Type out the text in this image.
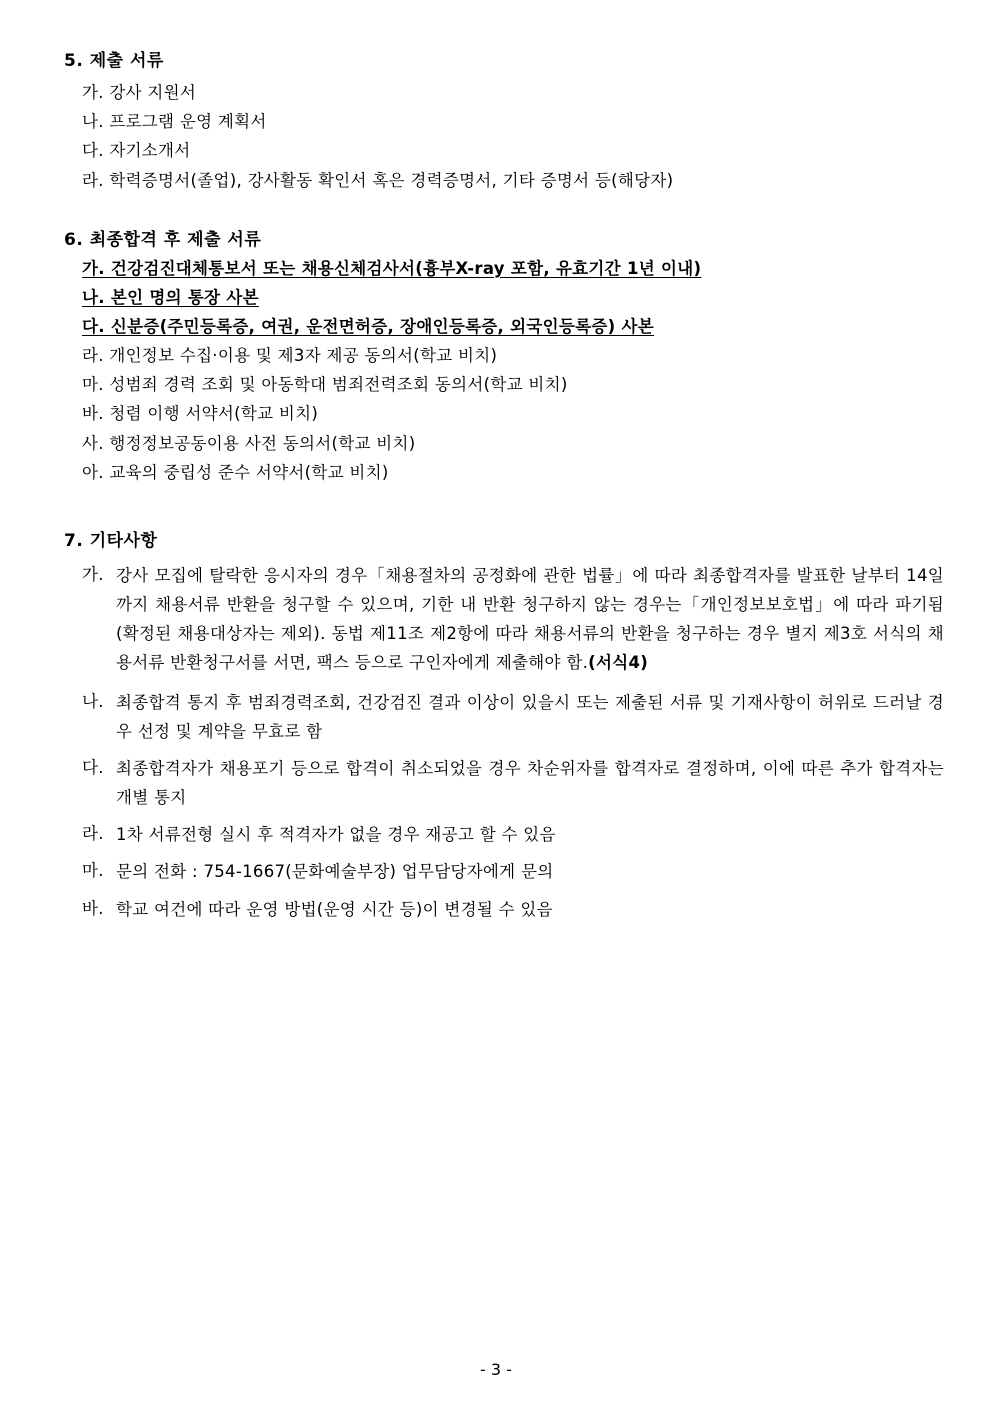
5. 제출 서류
가. 강사 지원서
나. 프로그램 운영 계획서
다. 자기소개서
라. 학력증명서(졸업), 강사활동 확인서 혹은 경력증명서, 기타 증명서 등(해당자)
6. 최종합격 후 제출 서류
가. 건강검진대체통보서 또는 채용신체검사서(흉부X-ray 포함, 유효기간 1년 이내)
나. 본인 명의 통장 사본
다. 신분증(주민등록증, 여권, 운전면허증, 장애인등록증, 외국인등록증) 사본
라. 개인정보 수집·이용 및 제3자 제공 동의서(학교 비치)
마. 성범죄 경력 조회 및 아동학대 범죄전력조회 동의서(학교 비치)
바. 청렴 이행 서약서(학교 비치)
사. 행정정보공동이용 사전 동의서(학교 비치)
아. 교육의 중립성 준수 서약서(학교 비치)
7. 기타사항
가. 강사 모집에 탈락한 응시자의 경우「채용절차의 공정화에 관한 법률」에 따라 최종합격자를 발표한 날부터 14일까지 채용서류 반환을 청구할 수 있으며, 기한 내 반환 청구하지 않는 경우는「개인정보보호법」에 따라 파기됨(확정된 채용대상자는 제외). 동법 제11조 제2항에 따라 채용서류의 반환을 청구하는 경우 별지 제3호 서식의 채용서류 반환청구서를 서면, 팩스 등으로 구인자에게 제출해야 함.(서식4)
나. 최종합격 통지 후 범죄경력조회, 건강검진 결과 이상이 있을시 또는 제출된 서류 및 기재사항이 허위로 드러날 경우 선정 및 계약을 무효로 함
다. 최종합격자가 채용포기 등으로 합격이 취소되었을 경우 차순위자를 합격자로 결정하며, 이에 따른 추가 합격자는 개별 통지
라. 1차 서류전형 실시 후 적격자가 없을 경우 재공고 할 수 있음
마. 문의 전화 : 754-1667(문화예술부장) 업무담당자에게 문의
바. 학교 여건에 따라 운영 방법(운영 시간 등)이 변경될 수 있음
- 3 -
